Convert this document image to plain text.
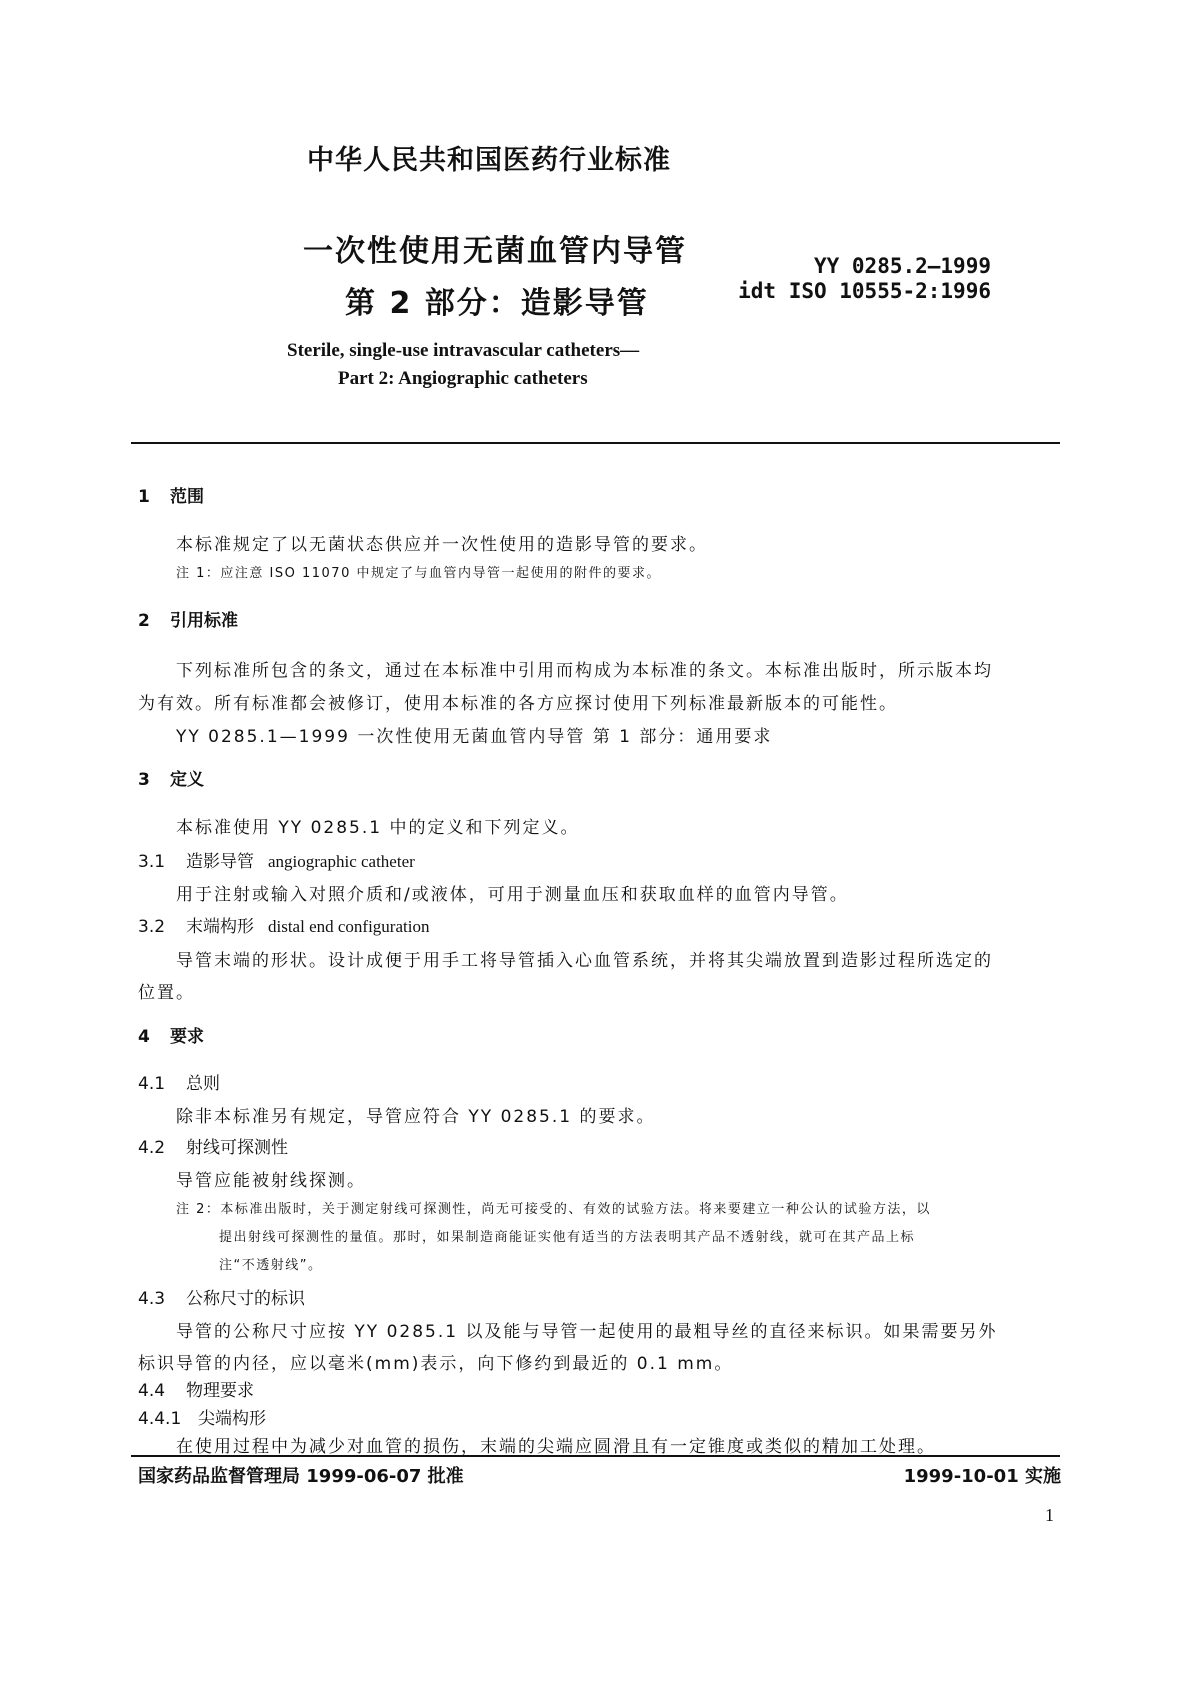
中华人民共和国医药行业标准
一次性使用无菌血管内导管
第 2 部分：造影导管
YY 0285.2—1999
idt ISO 10555-2:1996
Sterile, single-use intravascular catheters—
Part 2: Angiographic catheters
1 范围
本标准规定了以无菌状态供应并一次性使用的造影导管的要求。
注 1：应注意 ISO 11070 中规定了与血管内导管一起使用的附件的要求。
2 引用标准
下列标准所包含的条文，通过在本标准中引用而构成为本标准的条文。本标准出版时，所示版本均
为有效。所有标准都会被修订，使用本标准的各方应探讨使用下列标准最新版本的可能性。
YY 0285.1—1999 一次性使用无菌血管内导管 第 1 部分：通用要求
3 定义
本标准使用 YY 0285.1 中的定义和下列定义。
3.1 造影导管 angiographic catheter
用于注射或输入对照介质和/或液体，可用于测量血压和获取血样的血管内导管。
3.2 末端构形 distal end configuration
导管末端的形状。设计成便于用手工将导管插入心血管系统，并将其尖端放置到造影过程所选定的
位置。
4 要求
4.1 总则
除非本标准另有规定，导管应符合 YY 0285.1 的要求。
4.2 射线可探测性
导管应能被射线探测。
注 2：本标准出版时，关于测定射线可探测性，尚无可接受的、有效的试验方法。将来要建立一种公认的试验方法，以
提出射线可探测性的量值。那时，如果制造商能证实他有适当的方法表明其产品不透射线，就可在其产品上标
注“不透射线”。
4.3 公称尺寸的标识
导管的公称尺寸应按 YY 0285.1 以及能与导管一起使用的最粗导丝的直径来标识。如果需要另外
标识导管的内径，应以毫米(mm)表示，向下修约到最近的 0.1 mm。
4.4 物理要求
4.4.1 尖端构形
国家药品监督管理局 1999-06-07 批准	1999-10-01 实施
1
在使用过程中为减少对血管的损伤，末端的尖端应圆滑且有一定锥度或类似的精加工处理。
